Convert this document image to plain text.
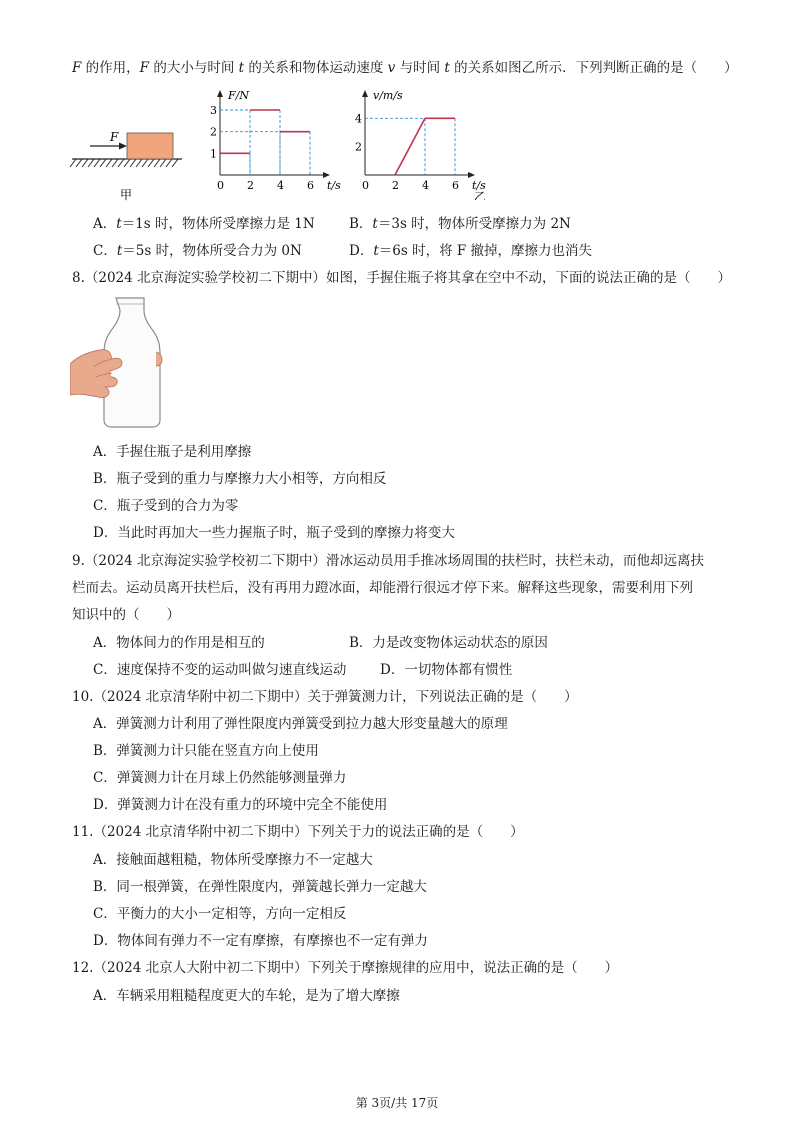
F 的作用，F 的大小与时间 t 的关系和物体运动速度 v 与时间 t 的关系如图乙所示．下列判断正确的是（　　）
F
甲
F/N
t/s
0 2 4 6
1
2
3
v/m/s
t/s
0 2 4 6
2
4
乙
A．t＝1s 时，物体所受摩擦力是 1N	B．t＝3s 时，物体所受摩擦力为 2N
C．t＝5s 时，物体所受合力为 0N	D．t＝6s 时，将 F 撤掉，摩擦力也消失
8.（2024 北京海淀实验学校初二下期中）如图，手握住瓶子将其拿在空中不动，下面的说法正确的是（　　）
A．手握住瓶子是利用摩擦
B．瓶子受到的重力与摩擦力大小相等，方向相反
C．瓶子受到的合力为零
D．当此时再加大一些力握瓶子时，瓶子受到的摩擦力将变大
9.（2024 北京海淀实验学校初二下期中）滑冰运动员用手推冰场周围的扶栏时，扶栏未动，而他却远离扶
栏而去。运动员离开扶栏后，没有再用力蹬冰面，却能滑行很远才停下来。解释这些现象，需要利用下列
知识中的（　　）
A．物体间力的作用是相互的	B．力是改变物体运动状态的原因
C．速度保持不变的运动叫做匀速直线运动 D．一切物体都有惯性
10.（2024 北京清华附中初二下期中）关于弹簧测力计，下列说法正确的是（　　）
A．弹簧测力计利用了弹性限度内弹簧受到拉力越大形变量越大的原理
B．弹簧测力计只能在竖直方向上使用
C．弹簧测力计在月球上仍然能够测量弹力
D．弹簧测力计在没有重力的环境中完全不能使用
11.（2024 北京清华附中初二下期中）下列关于力的说法正确的是（　　）
A．接触面越粗糙，物体所受摩擦力不一定越大
B．同一根弹簧，在弹性限度内，弹簧越长弹力一定越大
C．平衡力的大小一定相等，方向一定相反
D．物体间有弹力不一定有摩擦，有摩擦也不一定有弹力
12.（2024 北京人大附中初二下期中）下列关于摩擦规律的应用中，说法正确的是（　　）
A．车辆采用粗糙程度更大的车轮，是为了增大摩擦
第 3页/共 17页
